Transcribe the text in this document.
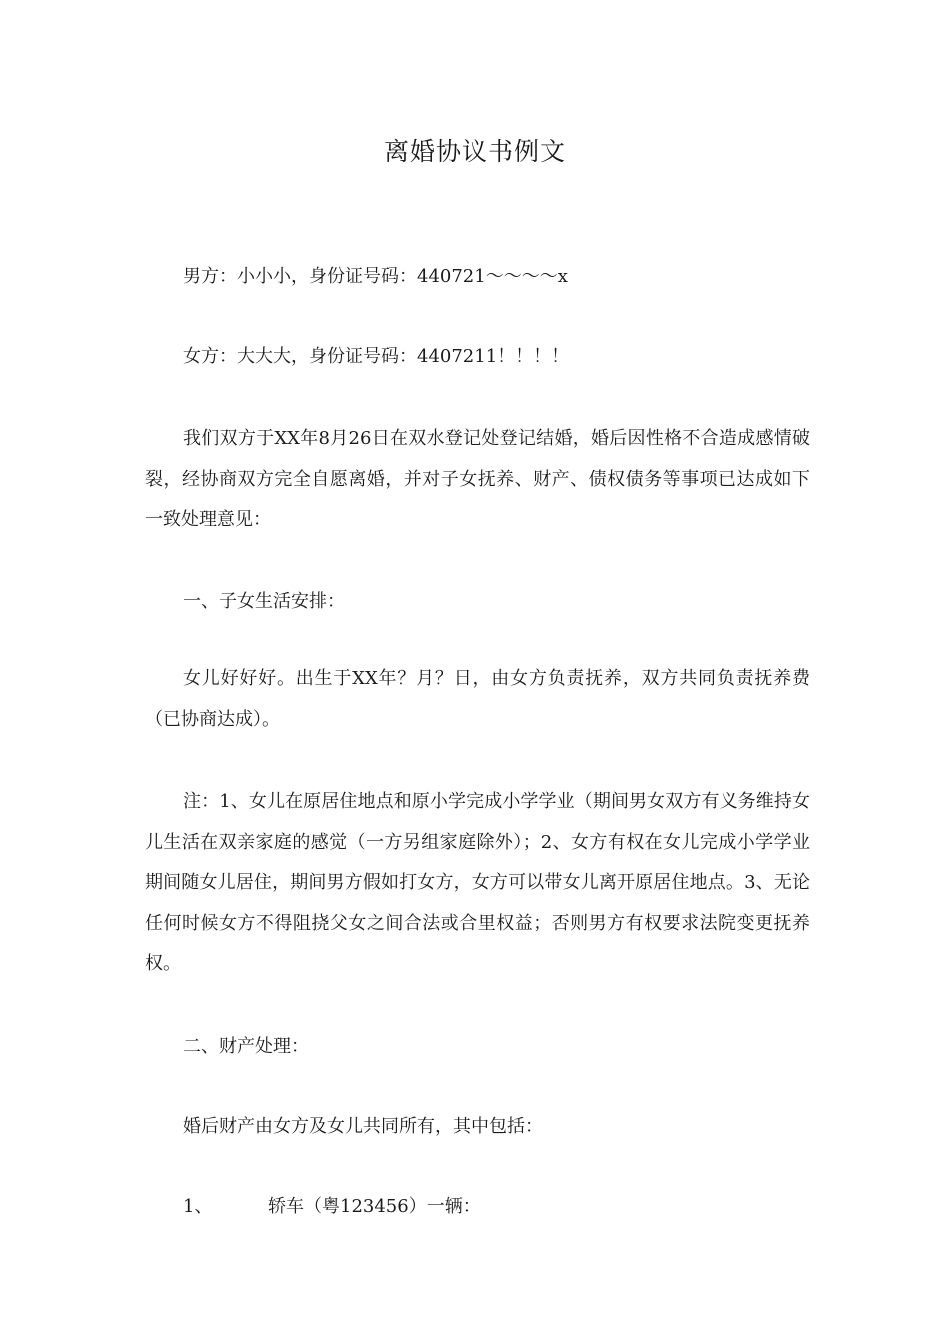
离婚协议书例文

男方：小小小，身份证号码：440721～～～～x

女方：大大大，身份证号码：4407211！！！！

我们双方于XX年8月26日在双水登记处登记结婚，婚后因性格不合造成感情破裂，经协商双方完全自愿离婚，并对子女抚养、财产、债权债务等事项已达成如下一致处理意见：

一、子女生活安排：

女儿好好好。出生于XX年？月？日，由女方负责抚养，双方共同负责抚养费（已协商达成）。

注：1、女儿在原居住地点和原小学完成小学学业（期间男女双方有义务维持女儿生活在双亲家庭的感觉（一方另组家庭除外）；2、女方有权在女儿完成小学学业期间随女儿居住，期间男方假如打女方，女方可以带女儿离开原居住地点。3、无论任何时候女方不得阻挠父女之间合法或合里权益；否则男方有权要求法院变更抚养权。

二、财产处理：

婚后财产由女方及女儿共同所有，其中包括：

1、	轿车（粤123456）一辆：
